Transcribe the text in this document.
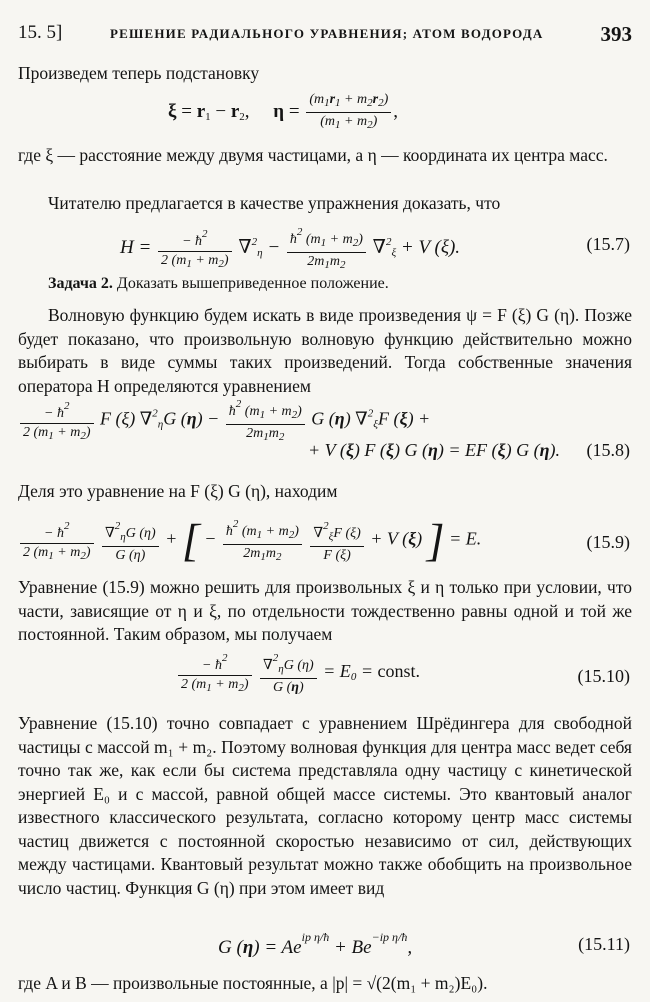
15. 5]	РЕШЕНИЕ РАДИАЛЬНОГО УРАВНЕНИЯ; АТОМ ВОДОРОДА	393
Произведем теперь подстановку
$\xi = r_1 - r_2$,     $\eta = \frac{(m_1r_1 + m_2r_2)}{(m_1 + m_2)}$ ,
где ξ — расстояние между двумя частицами, а η — координата их центра масс.
Читателю предлагается в качестве упражнения доказать, что
$H = \frac{- ħ^2}{2 (m_1 + m_2)} \nabla^2_\eta - \frac{ħ^2 (m_1 + m_2)}{2m_1m_2} \nabla^2_\xi + V$ (ξ).	(15.7)
Задача 2. Доказать вышеприведенное положение.
Волновую функцию будем искать в виде произведения ψ = F (ξ) G (η). Позже будет показано, что произвольную волновую функцию действительно можно выбирать в виде суммы таких произведений. Тогда собственные значения оператора H определяются уравнением
$\frac{- ħ^2}{2 (m_1 + m_2)}$ F (ξ) ∇$^2_\eta$G $(\eta) - \frac{ħ^2 (m_1 + m_2)}{2m_1m_2}$ G (η) ∇$^2_\xi$F (ξ) +
+ V (ξ) F (ξ) G (η) = EF (ξ) G (η). (15.8)
Деля это уравнение на F (ξ) G (η), находим
$\frac{- ħ^2}{2 (m_1 + m_2)}$
$\frac{\nabla^2_\eta G (\eta)}{G (\eta)}$ + [ − $\frac{ħ^2 (m_1 + m_2)}{2m_1m_2}$
$\frac{\nabla^2_\xi F (\xi)}{F (\xi)} + V$ (ξ) ] = E.	(15.9)
Уравнение (15.9) можно решить для произвольных ξ и η только при условии, что части, зависящие от η и ξ, по отдельности тождественно равны одной и той же постоянной. Таким образом, мы получаем
$\frac{- ħ^2}{2 (m_1 + m_2)}$
$\frac{\nabla^2_\eta G (\eta)}{G (\eta)} = E_0$ = const.	(15.10)
Уравнение (15.10) точно совпадает с уравнением Шрёдингера для свободной частицы с массой m₁ + m₂. Поэтому волновая функция для центра масс ведет себя точно так же, как если бы система представляла одну частицу с кинетической энергией E₀ и с массой, равной общей массе системы. Это квантовый аналог известного классического результата, согласно которому центр масс системы частиц движется с постоянной скоростью независимо от сил, действующих между частицами. Квантовый результат можно также обобщить на произвольное число частиц. Функция G (η) при этом имеет вид
G $(\eta) = Ae^{ip \eta/ħ} + Be^{-ip \eta/ħ}$,	(15.11)
где A и B — произвольные постоянные, а |p| = √(2(m₁ + m₂)E₀).
